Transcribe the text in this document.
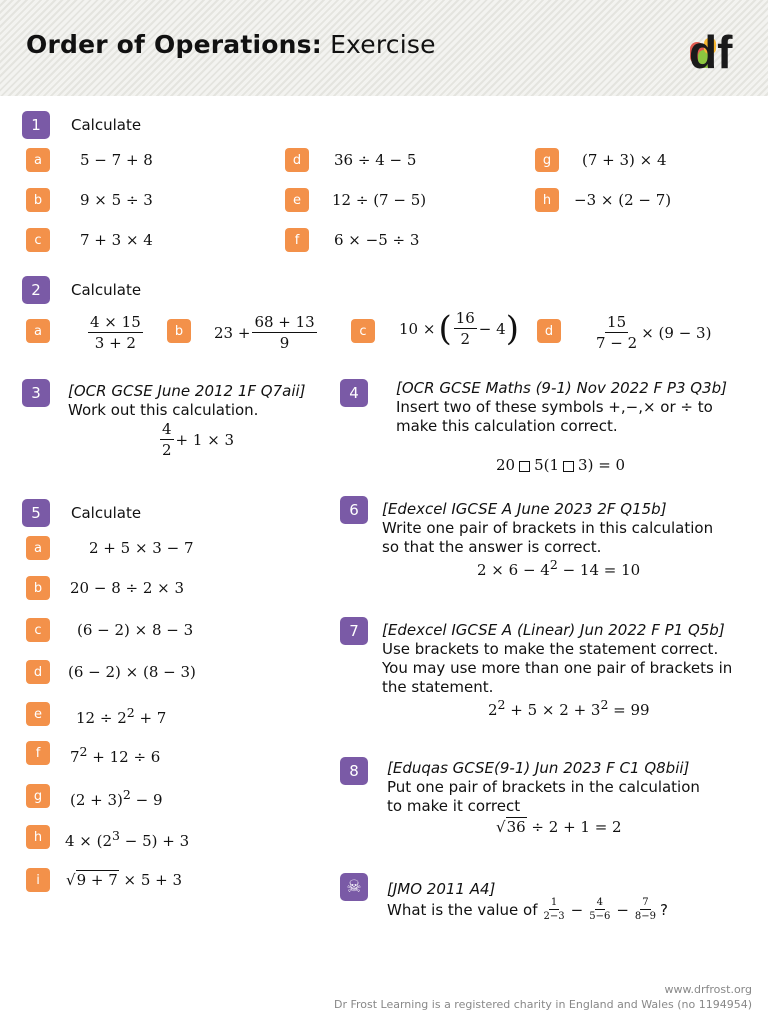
Order of Operations: Exercise	df
1	Calculate
a	5 − 7 + 8
b	9 × 5 ÷ 3
c	7 + 3 × 4
d	36 ÷ 4 − 5
e	12 ÷ (7 − 5)
f	6 × −5 ÷ 3
g	(7 + 3) × 4
h	−3 × (2 − 7)
2	Calculate
a	$\frac{4 \times 15}{3 + 2}$	b	$23 + \frac{68 + 13}{9}$	c	10 × ( $\frac{16}{2} - 4$ )	d	$\frac{15}{7 - 2} \times (9 - 3)$
3	[OCR GCSE June 2012 1F Q7aii]
Work out this calculation.
$\frac{4}{2} + 1 \times 3$
4	[OCR GCSE Maths (9-1) Nov 2022 F P3 Q3b]
Insert two of these symbols +,−,× or ÷ to
make this calculation correct.
20 5(1 3) = 0
5	Calculate
a	2 + 5 × 3 − 7
b	20 − 8 ÷ 2 × 3
c	(6 − 2) × 8 − 3
d	(6 − 2) × (8 − 3)
e	$12 \div 2^2 + 7$
f	$7^2 + 12 \div 6$
g	$(2 + 3)^2 - 9$
h	$4 \times (2^3 - 5) + 3$
i	√9 + 7 × 5 + 3
6	[Edexcel IGCSE A June 2023 2F Q15b]
Write one pair of brackets in this calculation
so that the answer is correct.
$2 \times 6 - 4^2 - 14 = 10$
7	[Edexcel IGCSE A (Linear) Jun 2022 F P1 Q5b]
Use brackets to make the statement correct.
You may use more than one pair of brackets in
the statement.
$2^2 + 5 \times 2 + 3^2 = 99$
8	[Eduqas GCSE(9-1) Jun 2023 F C1 Q8bii]
Put one pair of brackets in the calculation
to make it correct
√36 ÷ 2 + 1 = 2
☠	[JMO 2011 A4]
What is the value of $\frac{1}{2-3} - \frac{4}{5-6} - \frac{7}{8-9}$ ?
www.drfrost.org
Dr Frost Learning is a registered charity in England and Wales (no 1194954)
